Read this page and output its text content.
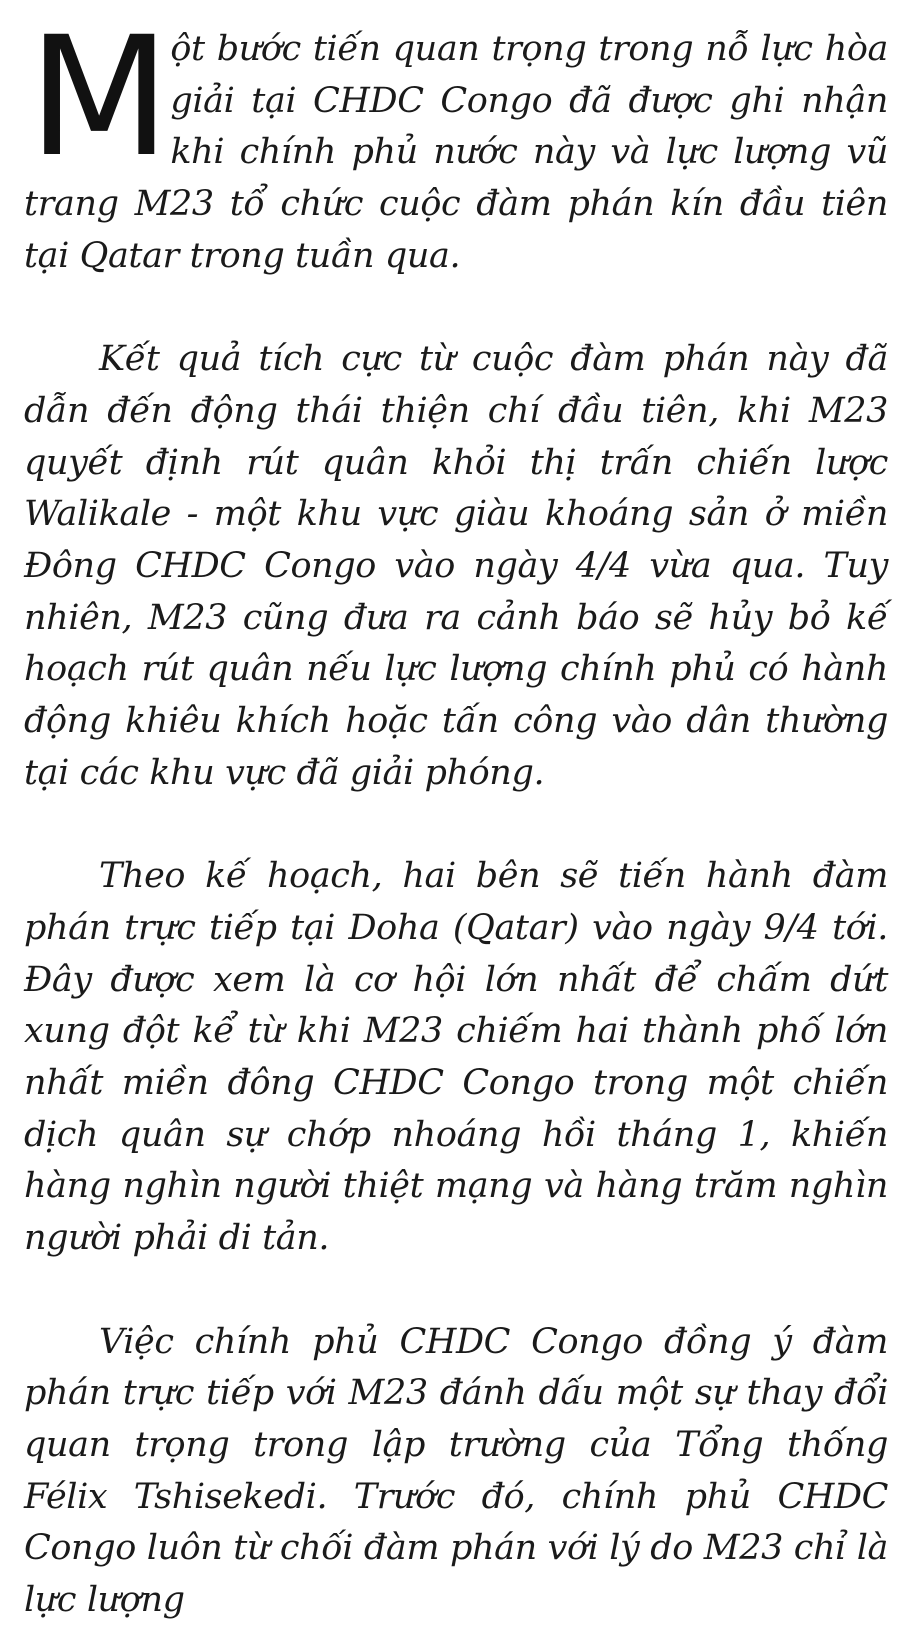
Một bước tiến quan trọng trong nỗ lực hòa giải tại CHDC Congo đã được ghi nhận khi chính phủ nước này và lực lượng vũ trang M23 tổ chức cuộc đàm phán kín đầu tiên tại Qatar trong tuần qua.

Kết quả tích cực từ cuộc đàm phán này đã dẫn đến động thái thiện chí đầu tiên, khi M23 quyết định rút quân khỏi thị trấn chiến lược Walikale - một khu vực giàu khoáng sản ở miền Đông CHDC Congo vào ngày 4/4 vừa qua. Tuy nhiên, M23 cũng đưa ra cảnh báo sẽ hủy bỏ kế hoạch rút quân nếu lực lượng chính phủ có hành động khiêu khích hoặc tấn công vào dân thường tại các khu vực đã giải phóng.

Theo kế hoạch, hai bên sẽ tiến hành đàm phán trực tiếp tại Doha (Qatar) vào ngày 9/4 tới. Đây được xem là cơ hội lớn nhất để chấm dứt xung đột kể từ khi M23 chiếm hai thành phố lớn nhất miền đông CHDC Congo trong một chiến dịch quân sự chớp nhoáng hồi tháng 1, khiến hàng nghìn người thiệt mạng và hàng trăm nghìn người phải di tản.

Việc chính phủ CHDC Congo đồng ý đàm phán trực tiếp với M23 đánh dấu một sự thay đổi quan trọng trong lập trường của Tổng thống Félix Tshisekedi. Trước đó, chính phủ CHDC Congo luôn từ chối đàm phán với lý do M23 chỉ là lực lượng
